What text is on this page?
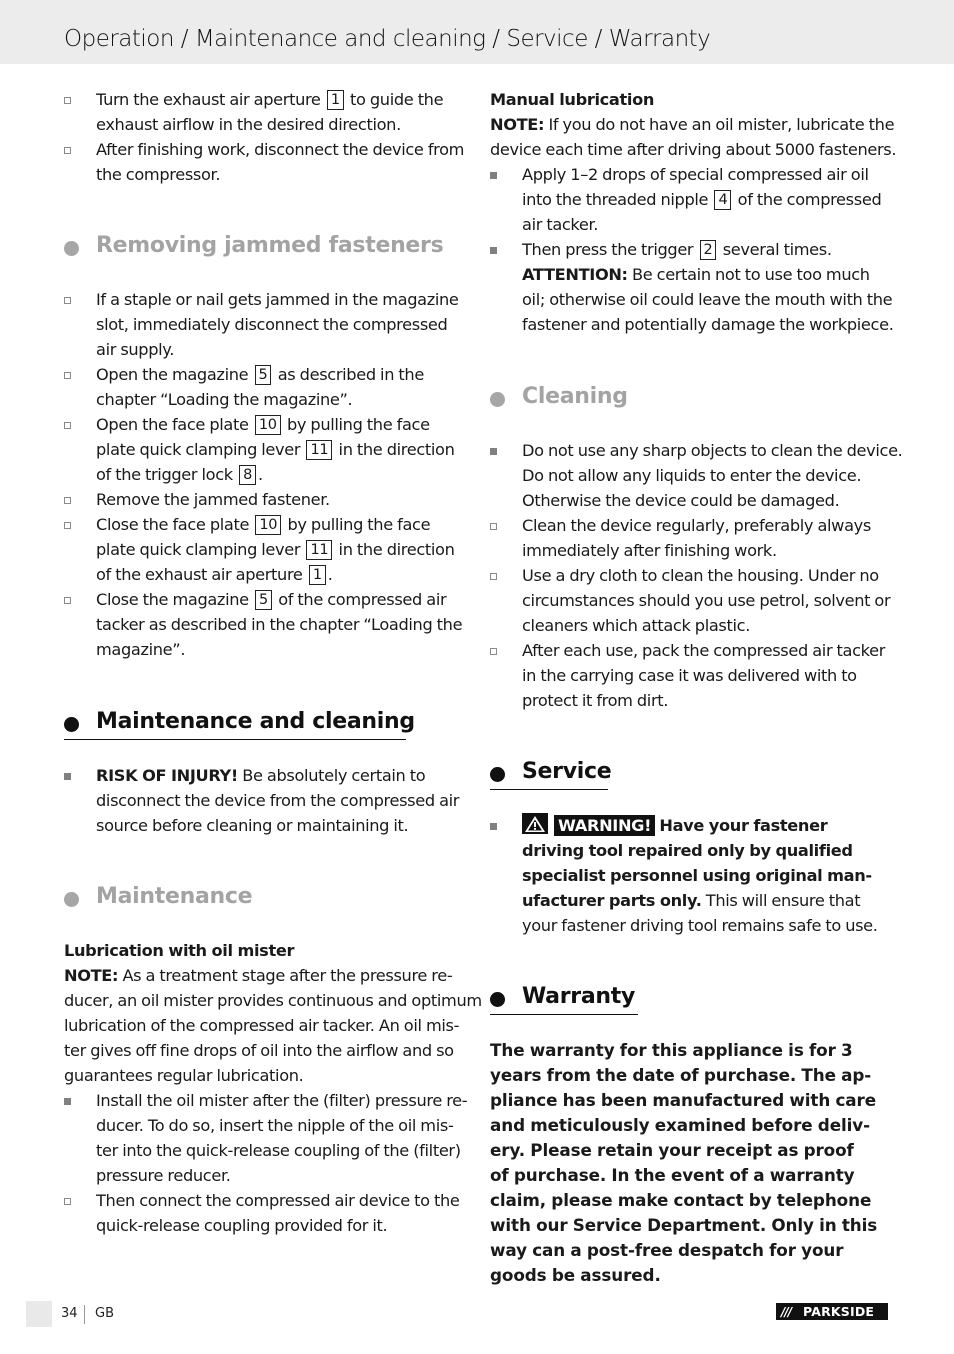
Operation / Maintenance and cleaning / Service / Warranty
Removing jammed fasteners
Maintenance and cleaning
RISK OF INJURY! Be absolutely certain to
disconnect the device from the compressed air
source before cleaning or maintaining it.
Maintenance
Lubrication with oil mister
NOTE: As a treatment stage after the pressure re-
ducer, an oil mister provides continuous and optimum
lubrication of the compressed air tacker. An oil mis-
ter gives off fine drops of oil into the airflow and so
guarantees regular lubrication.
Turn the exhaust air aperture 1 to guide the
exhaust airflow in the desired direction.
After finishing work, disconnect the device from
the compressor.
If a staple or nail gets jammed in the magazine
slot, immediately disconnect the compressed
air supply.
Open the magazine 5 as described in the
chapter “Loading the magazine”.
Open the face plate 10 by pulling the face
plate quick clamping lever 11 in the direction
of the trigger lock 8 .
Remove the jammed fastener.
Close the face plate 10 by pulling the face
plate quick clamping lever 11 in the direction
of the exhaust air aperture 1 .
Close the magazine 5 of the compressed air
tacker as described in the chapter “Loading the
magazine”.
Install the oil mister after the (filter) pressure re-
ducer. To do so, insert the nipple of the oil mis-
ter into the quick-release coupling of the (filter)
pressure reducer.
Then connect the compressed air device to the
quick-release coupling provided for it.
Manual lubrication
NOTE: If you do not have an oil mister, lubricate the
device each time after driving about 5000 fasteners.
Apply 1–2 drops of special compressed air oil
into the threaded nipple 4 of the compressed
air tacker.
Then press the trigger 2 several times.
ATTENTION: Be certain not to use too much
oil; otherwise oil could leave the mouth with the
fastener and potentially damage the workpiece.
Cleaning
Service
WARNING! Have your fastener
driving tool repaired only by qualified
specialist personnel using original man-
ufacturer parts only. This will ensure that
your fastener driving tool remains safe to use.
Warranty
Do not use any sharp objects to clean the device.
Do not allow any liquids to enter the device.
Otherwise the device could be damaged.
Clean the device regularly, preferably always
immediately after finishing work.
Use a dry cloth to clean the housing. Under no
circumstances should you use petrol, solvent or
cleaners which attack plastic.
After each use, pack the compressed air tacker
in the carrying case it was delivered with to
protect it from dirt.
The warranty for this appliance is for 3
years from the date of purchase. The ap-
pliance has been manufactured with care
and meticulously examined before deliv-
ery. Please retain your receipt as proof
of purchase. In the event of a warranty
claim, please make contact by telephone
with our Service Department. Only in this
way can a post-free despatch for your
goods be assured.
34 GB	/// PARKSIDE
